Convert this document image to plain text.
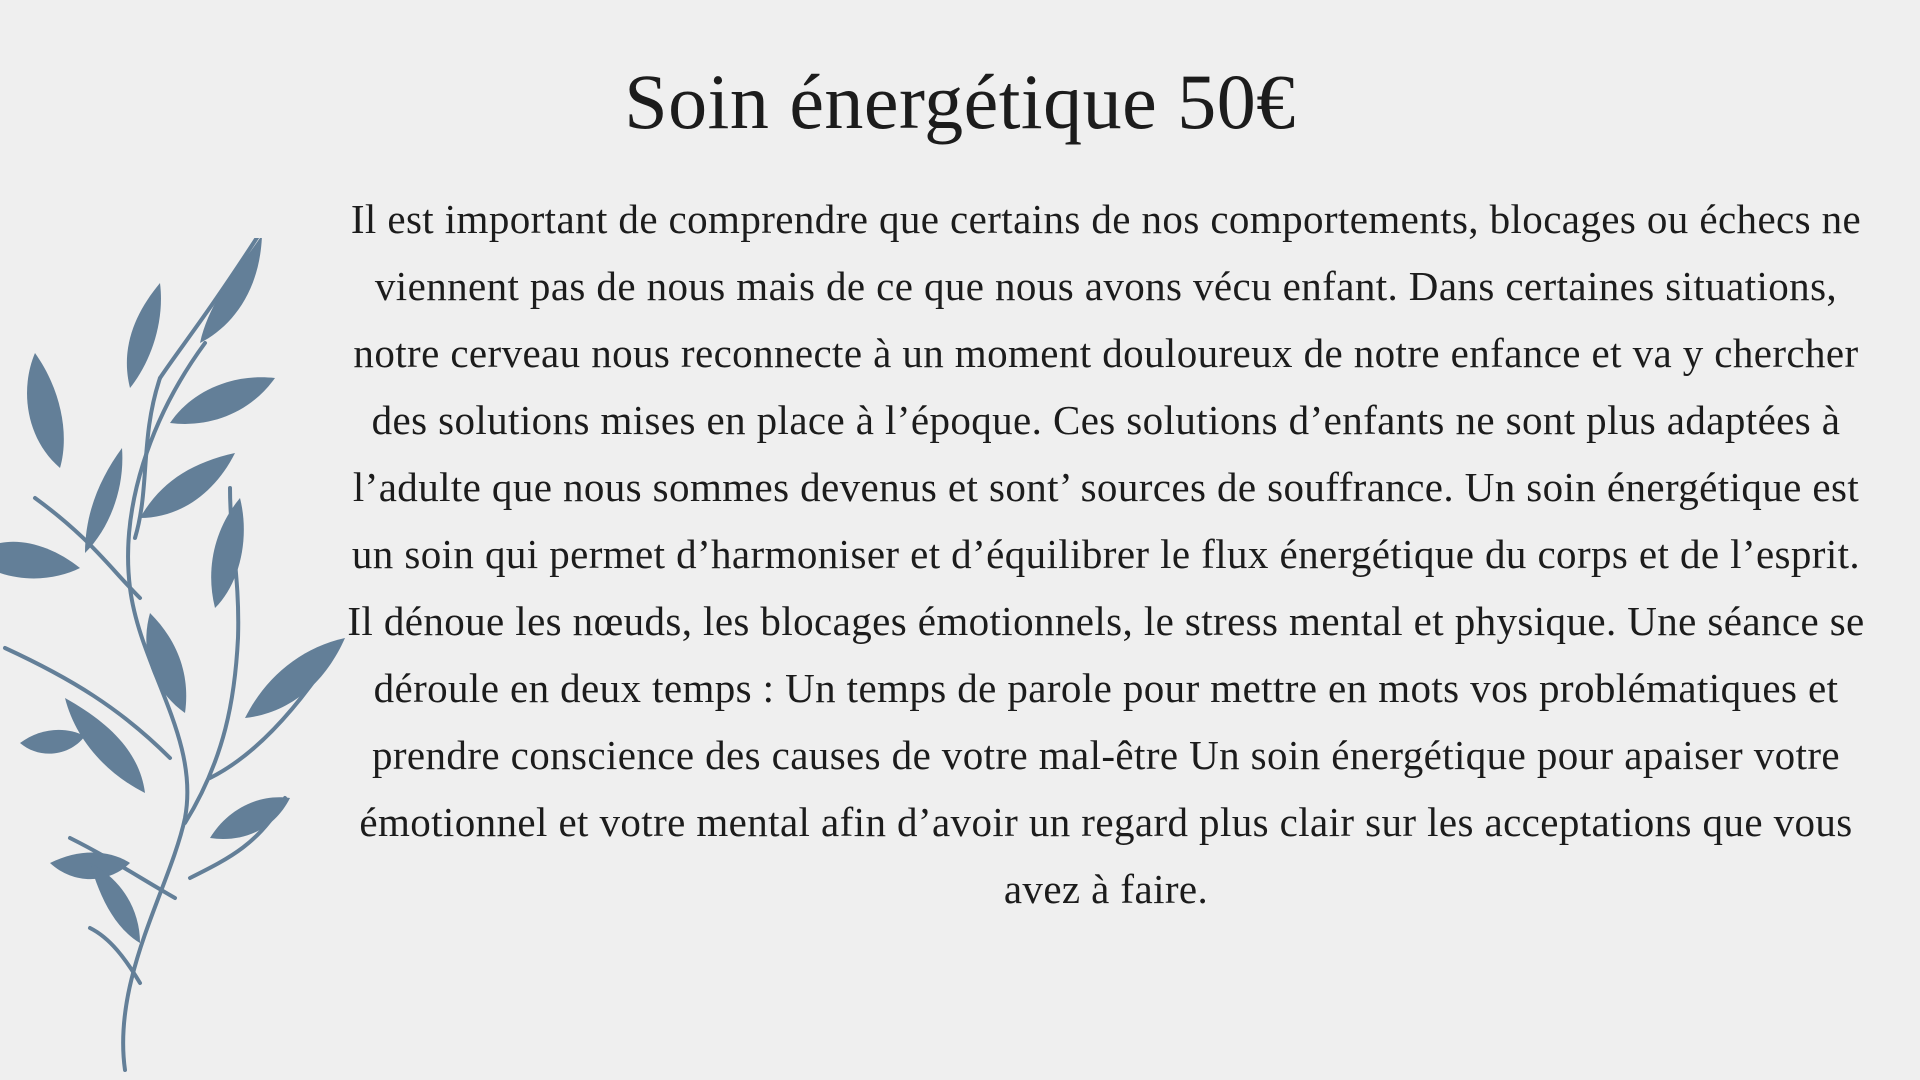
Soin énergétique 50€

Il est important de comprendre que certains de nos comportements, blocages ou échecs ne viennent pas de nous mais de ce que nous avons vécu enfant. Dans certaines situations, notre cerveau nous reconnecte à un moment douloureux de notre enfance et va y chercher des solutions mises en place à l’époque. Ces solutions d’enfants ne sont plus adaptées à l’adulte que nous sommes devenus et sont’ sources de souffrance. Un soin énergétique est un soin qui permet d’harmoniser et d’équilibrer le flux énergétique du corps et de l’esprit. Il dénoue les nœuds, les blocages émotionnels, le stress mental et physique. Une séance se déroule en deux temps : Un temps de parole pour mettre en mots vos problématiques et prendre conscience des causes de votre mal-être Un soin énergétique pour apaiser votre émotionnel et votre mental afin d’avoir un regard plus clair sur les acceptations que vous avez à faire.
